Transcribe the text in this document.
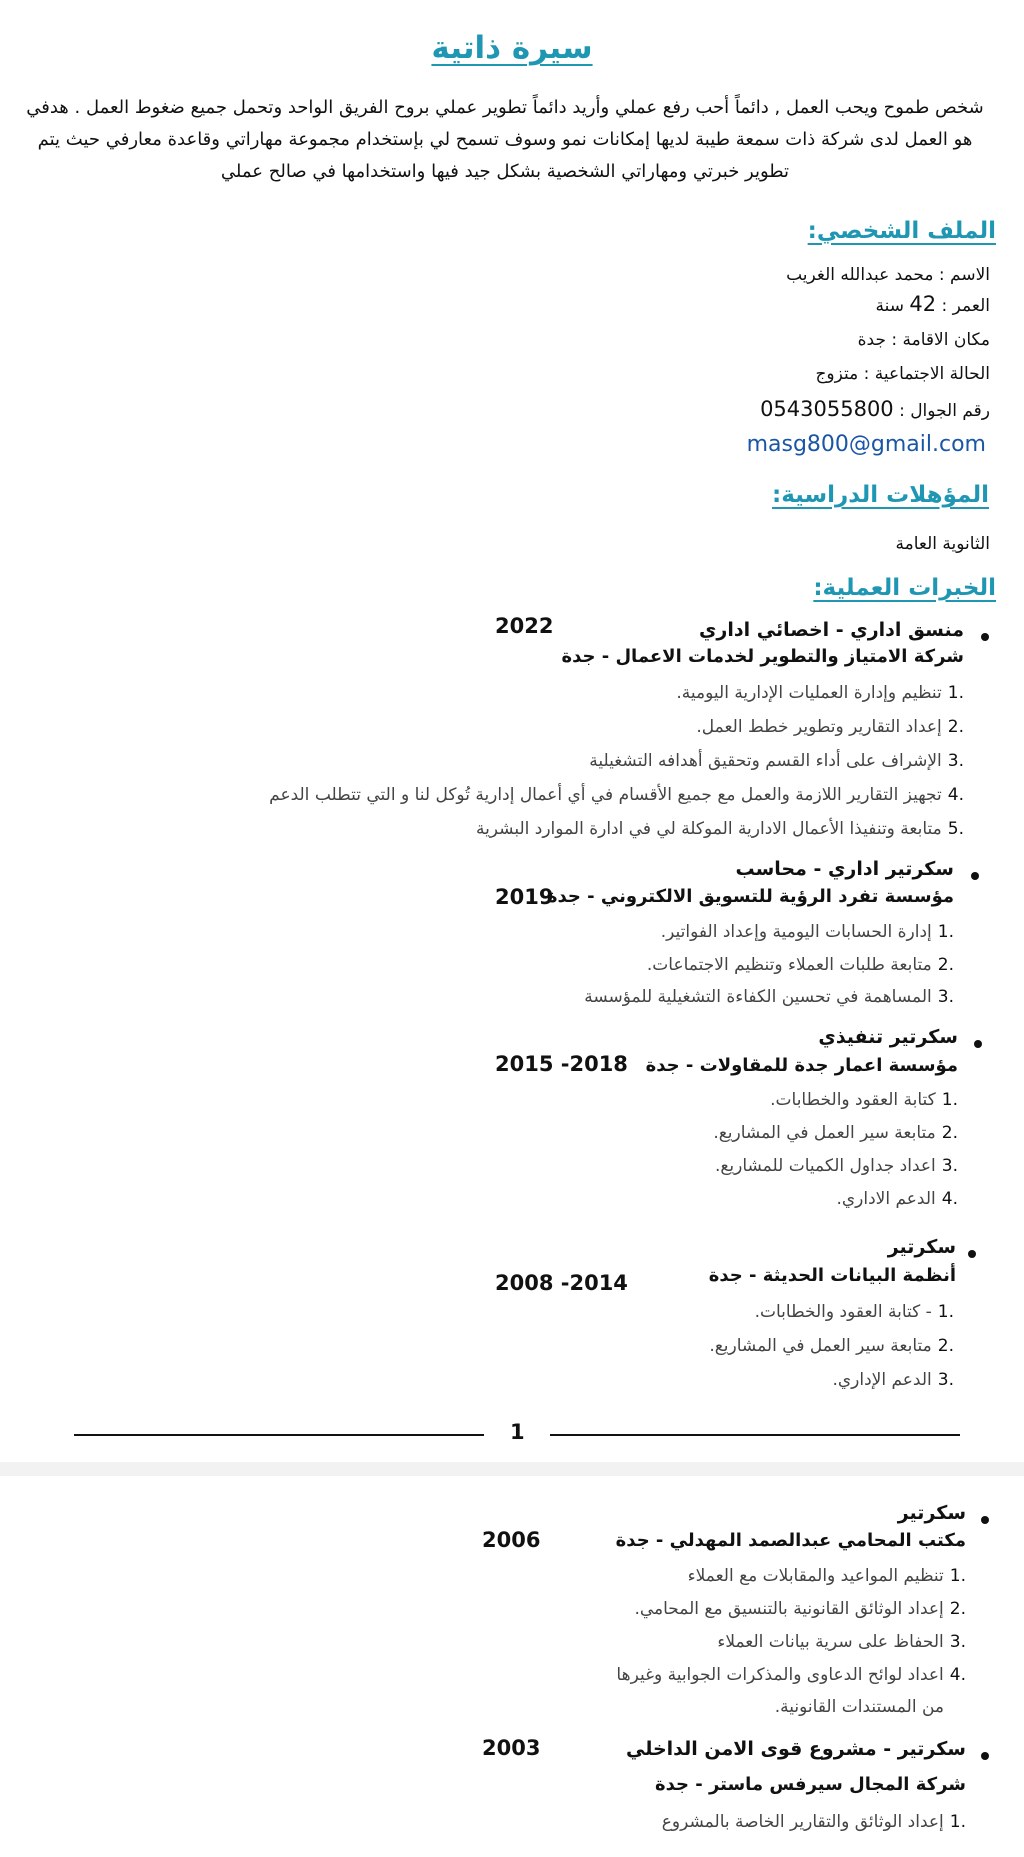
سيرة ذاتية
شخص طموح ويحب العمل , دائماً أحب رفع عملي وأريد دائماً تطوير عملي بروح الفريق الواحد وتحمل جميع ضغوط العمل . هدفي هو العمل لدى شركة ذات سمعة طيبة لديها إمكانات نمو وسوف تسمح لي بإستخدام مجموعة مهاراتي وقاعدة معارفي حيث يتم تطوير خبرتي ومهاراتي الشخصية بشكل جيد فيها واستخدامها في صالح عملي
الملف الشخصي:
الاسم : محمد عبدالله الغريب
العمر : 42 سنة
مكان الاقامة : جدة
الحالة الاجتماعية : متزوج
رقم الجوال : 0543055800
masg800@gmail.com
المؤهلات الدراسية:
الثانوية العامة
الخبرات العملية:
منسق اداري - اخصائي اداري
2022
شركة الامتياز والتطوير لخدمات الاعمال - جدة
.1تنظيم وإدارة العمليات الإدارية اليومية.
.2إعداد التقارير وتطوير خطط العمل.
.3الإشراف على أداء القسم وتحقيق أهدافه التشغيلية
.4تجهيز التقارير اللازمة والعمل مع جميع الأقسام في أي أعمال إدارية تُوكل لنا و التي تتطلب الدعم
.5متابعة وتنفيذا الأعمال الادارية الموكلة لي في ادارة الموارد البشرية
سكرتير اداري - محاسب
مؤسسة تفرد الرؤية للتسويق الالكتروني - جدة
2019
.1إدارة الحسابات اليومية وإعداد الفواتير.
.2متابعة طلبات العملاء وتنظيم الاجتماعات.
.3المساهمة في تحسين الكفاءة التشغيلية للمؤسسة
سكرتير تنفيذي
مؤسسة اعمار جدة للمقاولات - جدة
2015 -2018
.1كتابة العقود والخطابات.
.2متابعة سير العمل في المشاريع.
.3اعداد جداول الكميات للمشاريع.
.4الدعم الاداري.
سكرتير
أنظمة البيانات الحديثة - جدة
2008 -2014
.1- كتابة العقود والخطابات.
.2متابعة سير العمل في المشاريع.
.3الدعم الإداري.
1
سكرتير
مكتب المحامي عبدالصمد المهدلي - جدة
2006
.1تنظيم المواعيد والمقابلات مع العملاء
.2إعداد الوثائق القانونية بالتنسيق مع المحامي.
.3الحفاظ على سرية بيانات العملاء
.4اعداد لوائح الدعاوى والمذكرات الجوابية وغيرها
من المستندات القانونية.
سكرتير - مشروع قوى الامن الداخلي
2003
شركة المجال سيرفس ماستر - جدة
.1إعداد الوثائق والتقارير الخاصة بالمشروع
